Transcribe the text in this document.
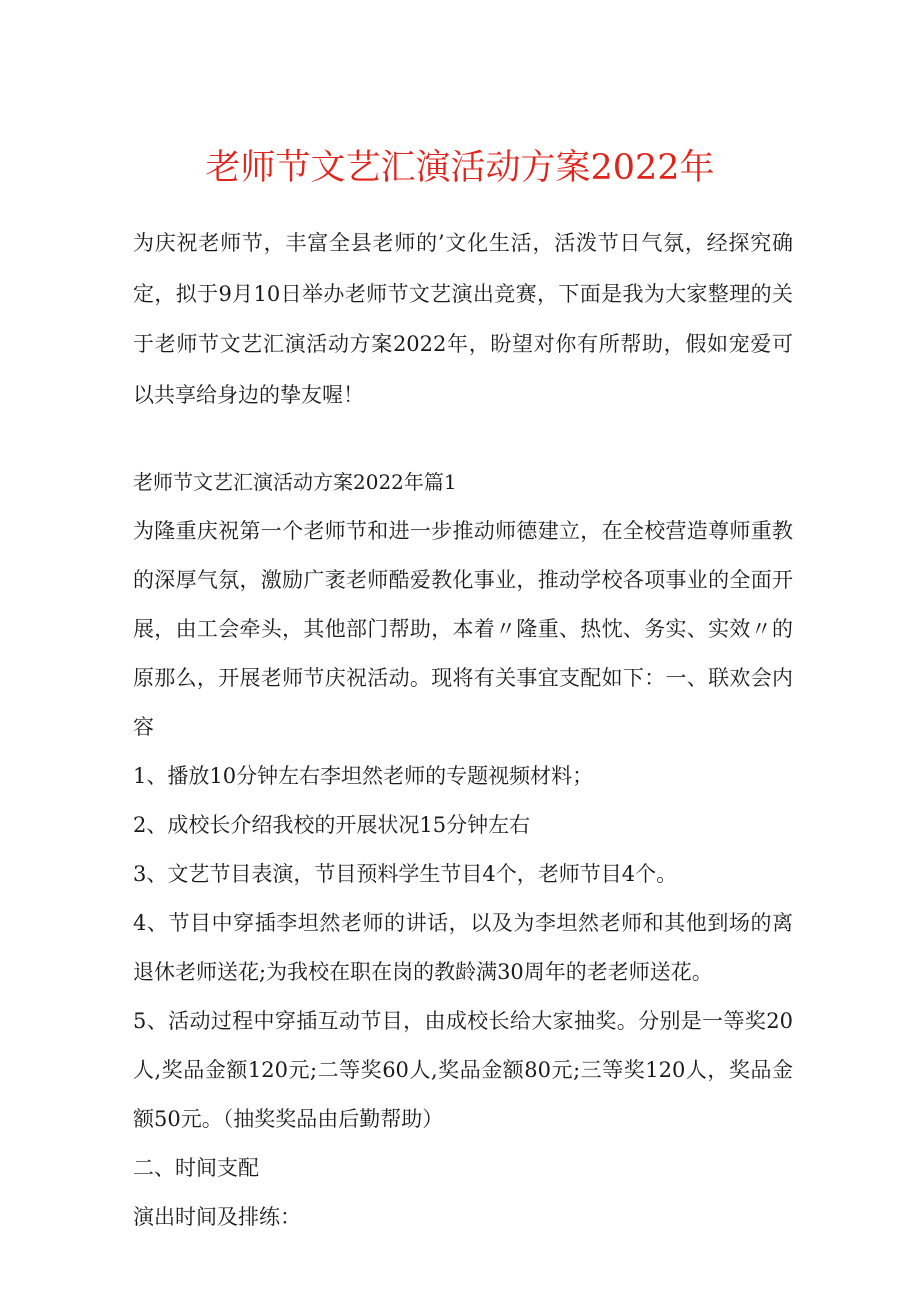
老师节文艺汇演活动方案2022年

为庆祝老师节，丰富全县老师的’文化生活，活泼节日气氛，经探究确定，拟于9月10日举办老师节文艺演出竞赛，下面是我为大家整理的关于老师节文艺汇演活动方案2022年，盼望对你有所帮助，假如宠爱可以共享给身边的挚友喔！

老师节文艺汇演活动方案2022年篇1

为隆重庆祝第一个老师节和进一步推动师德建立，在全校营造尊师重教的深厚气氛，激励广袤老师酷爱教化事业，推动学校各项事业的全面开展，由工会牵头，其他部门帮助，本着〃隆重、热忱、务实、实效〃的原那么，开展老师节庆祝活动。现将有关事宜支配如下：一、联欢会内容

1、播放10分钟左右李坦然老师的专题视频材料；

2、成校长介绍我校的开展状况15分钟左右

3、文艺节目表演，节目预料学生节目4个，老师节目4个。

4、节目中穿插李坦然老师的讲话，以及为李坦然老师和其他到场的离退休老师送花;为我校在职在岗的教龄满30周年的老老师送花。

5、活动过程中穿插互动节目，由成校长给大家抽奖。分别是一等奖20人,奖品金额120元;二等奖60人,奖品金额80元;三等奖120人，奖品金额50元。（抽奖奖品由后勤帮助）

二、时间支配

演出时间及排练：
